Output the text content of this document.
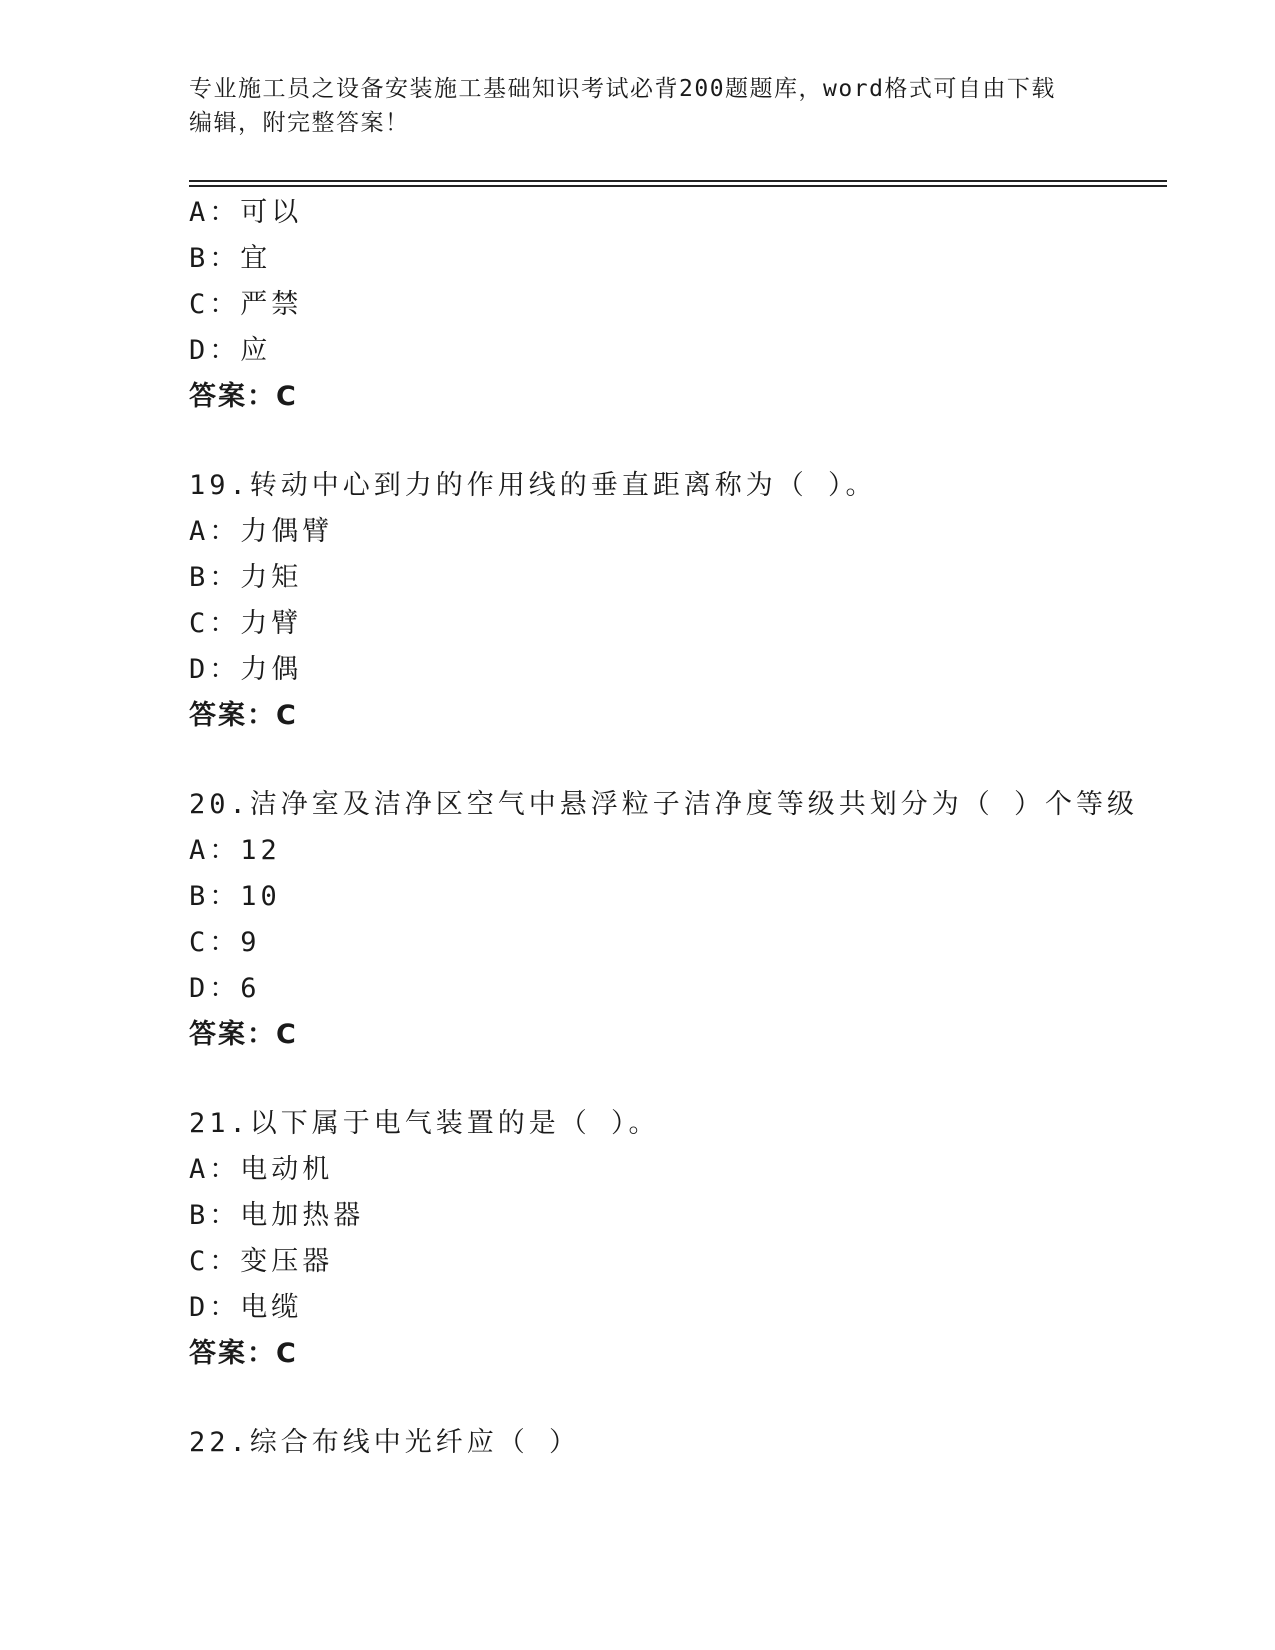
专业施工员之设备安装施工基础知识考试必背200题题库，word格式可自由下载
编辑，附完整答案！
A：可以
B：宜
C：严禁
D：应
答案：C
19.转动中心到力的作用线的垂直距离称为（ ）。
A：力偶臂
B：力矩
C：力臂
D：力偶
答案：C
20.洁净室及洁净区空气中悬浮粒子洁净度等级共划分为（ ）个等级
A：12
B：10
C：9
D：6
答案：C
21.以下属于电气装置的是（ ）。
A：电动机
B：电加热器
C：变压器
D：电缆
答案：C
22.综合布线中光纤应（ ）
